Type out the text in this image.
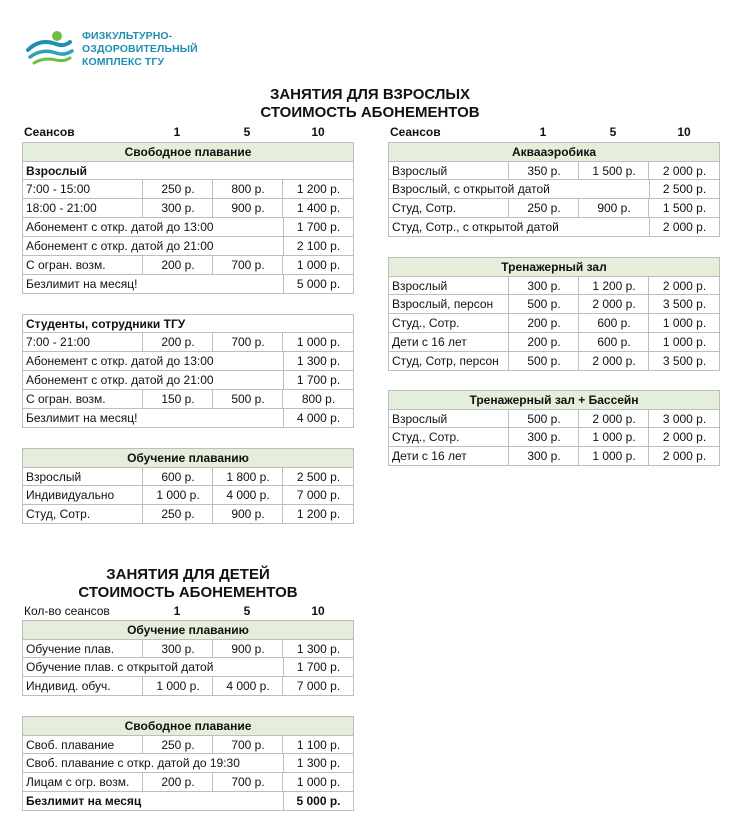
ФИЗКУЛЬТУРНО-
ОЗДОРОВИТЕЛЬНЫЙ
КОМПЛЕКС ТГУ
ЗАНЯТИЯ ДЛЯ ВЗРОСЛЫХ
СТОИМОСТЬ АБОНЕМЕНТОВ
Сеансов	1	5	10	Сеансов	1	5	10
Свободное плавание
Взрослый
7:00 - 15:00	250 р.	800 р.	1 200 р.
18:00 - 21:00	300 р.	900 р.	1 400 р.
Абонемент с откр. датой до 13:00	1 700 р.
Абонемент с откр. датой до 21:00	2 100 р.
С огран. возм.	200 р.	700 р.	1 000 р.
Безлимит на месяц!	5 000 р.
Студенты, сотрудники ТГУ
7:00 - 21:00	200 р.	700 р.	1 000 р.
Абонемент с откр. датой до 13:00	1 300 р.
Абонемент с откр. датой до 21:00	1 700 р.
С огран. возм.	150 р.	500 р.	800 р.
Безлимит на месяц!	4 000 р.
Обучение плаванию
Взрослый	600 р.	1 800 р.	2 500 р.
Индивидуально	1 000 р.	4 000 р.	7 000 р.
Студ, Сотр.	250 р.	900 р.	1 200 р.
Аквааэробика
Взрослый	350 р.	1 500 р.	2 000 р.
Взрослый, с открытой датой	2 500 р.
Студ, Сотр.	250 р.	900 р.	1 500 р.
Студ, Сотр., с открытой датой	2 000 р.
Тренажерный зал
Взрослый	300 р.	1 200 р.	2 000 р.
Взрослый, персон	500 р.	2 000 р.	3 500 р.
Студ., Сотр.	200 р.	600 р.	1 000 р.
Дети с 16 лет	200 р.	600 р.	1 000 р.
Студ, Сотр, персон	500 р.	2 000 р.	3 500 р.
Тренажерный зал + Бассейн
Взрослый	500 р.	2 000 р.	3 000 р.
Студ., Сотр.	300 р.	1 000 р.	2 000 р.
Дети с 16 лет	300 р.	1 000 р.	2 000 р.
ЗАНЯТИЯ ДЛЯ ДЕТЕЙ
СТОИМОСТЬ АБОНЕМЕНТОВ
Кол-во сеансов	1	5	10
Обучение плаванию
Обучение плав.	300 р.	900 р.	1 300 р.
Обучение плав. с открытой датой	1 700 р.
Индивид. обуч.	1 000 р.	4 000 р.	7 000 р.
Свободное плавание
Своб. плавание	250 р.	700 р.	1 100 р.
Своб. плавание с откр. датой до 19:30	1 300 р.
Лицам с огр. возм.	200 р.	700 р.	1 000 р.
Безлимит на месяц	5 000 р.
